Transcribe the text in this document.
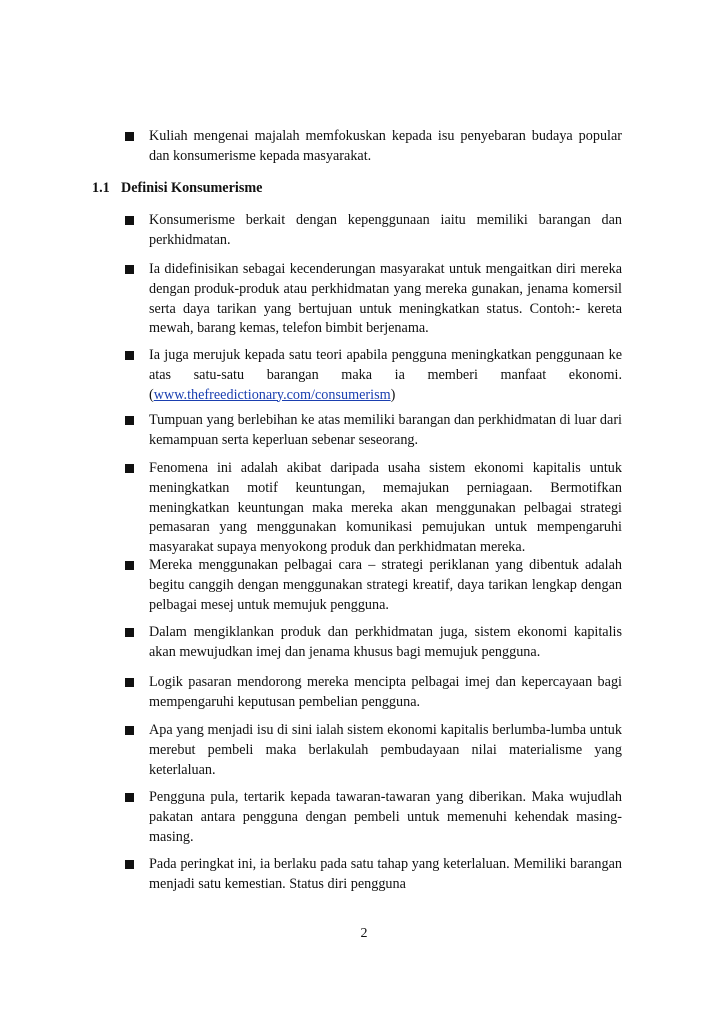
Kuliah mengenai majalah memfokuskan kepada isu penyebaran budaya popular dan konsumerisme kepada masyarakat.
1.1 Definisi Konsumerisme
Konsumerisme berkait dengan kepenggunaan iaitu memiliki barangan dan perkhidmatan.
Ia didefinisikan sebagai kecenderungan masyarakat untuk mengaitkan diri mereka dengan produk-produk atau perkhidmatan yang mereka gunakan, jenama komersil serta daya tarikan yang bertujuan untuk meningkatkan status. Contoh:- kereta mewah, barang kemas, telefon bimbit berjenama.
Ia juga merujuk kepada satu teori apabila pengguna meningkatkan penggunaan ke atas satu-satu barangan maka ia memberi manfaat ekonomi. (www.thefreedictionary.com/consumerism)
Tumpuan yang berlebihan ke atas memiliki barangan dan perkhidmatan di luar dari kemampuan serta keperluan sebenar seseorang.
Fenomena ini adalah akibat daripada usaha sistem ekonomi kapitalis untuk meningkatkan motif keuntungan, memajukan perniagaan. Bermotifkan meningkatkan keuntungan maka mereka akan menggunakan pelbagai strategi pemasaran yang menggunakan komunikasi pemujukan untuk mempengaruhi masyarakat supaya menyokong produk dan perkhidmatan mereka.
Mereka menggunakan pelbagai cara – strategi periklanan yang dibentuk adalah begitu canggih dengan menggunakan strategi kreatif, daya tarikan lengkap dengan pelbagai mesej untuk memujuk pengguna.
Dalam mengiklankan produk dan perkhidmatan juga, sistem ekonomi kapitalis akan mewujudkan imej dan jenama khusus bagi memujuk pengguna.
Logik pasaran mendorong mereka mencipta pelbagai imej dan kepercayaan bagi mempengaruhi keputusan pembelian pengguna.
Apa yang menjadi isu di sini ialah sistem ekonomi kapitalis berlumba-lumba untuk merebut pembeli maka berlakulah pembudayaan nilai materialisme yang keterlaluan.
Pengguna pula, tertarik kepada tawaran-tawaran yang diberikan. Maka wujudlah pakatan antara pengguna dengan pembeli untuk memenuhi kehendak masing-masing.
Pada peringkat ini, ia berlaku pada satu tahap yang keterlaluan. Memiliki barangan menjadi satu kemestian. Status diri pengguna
2
